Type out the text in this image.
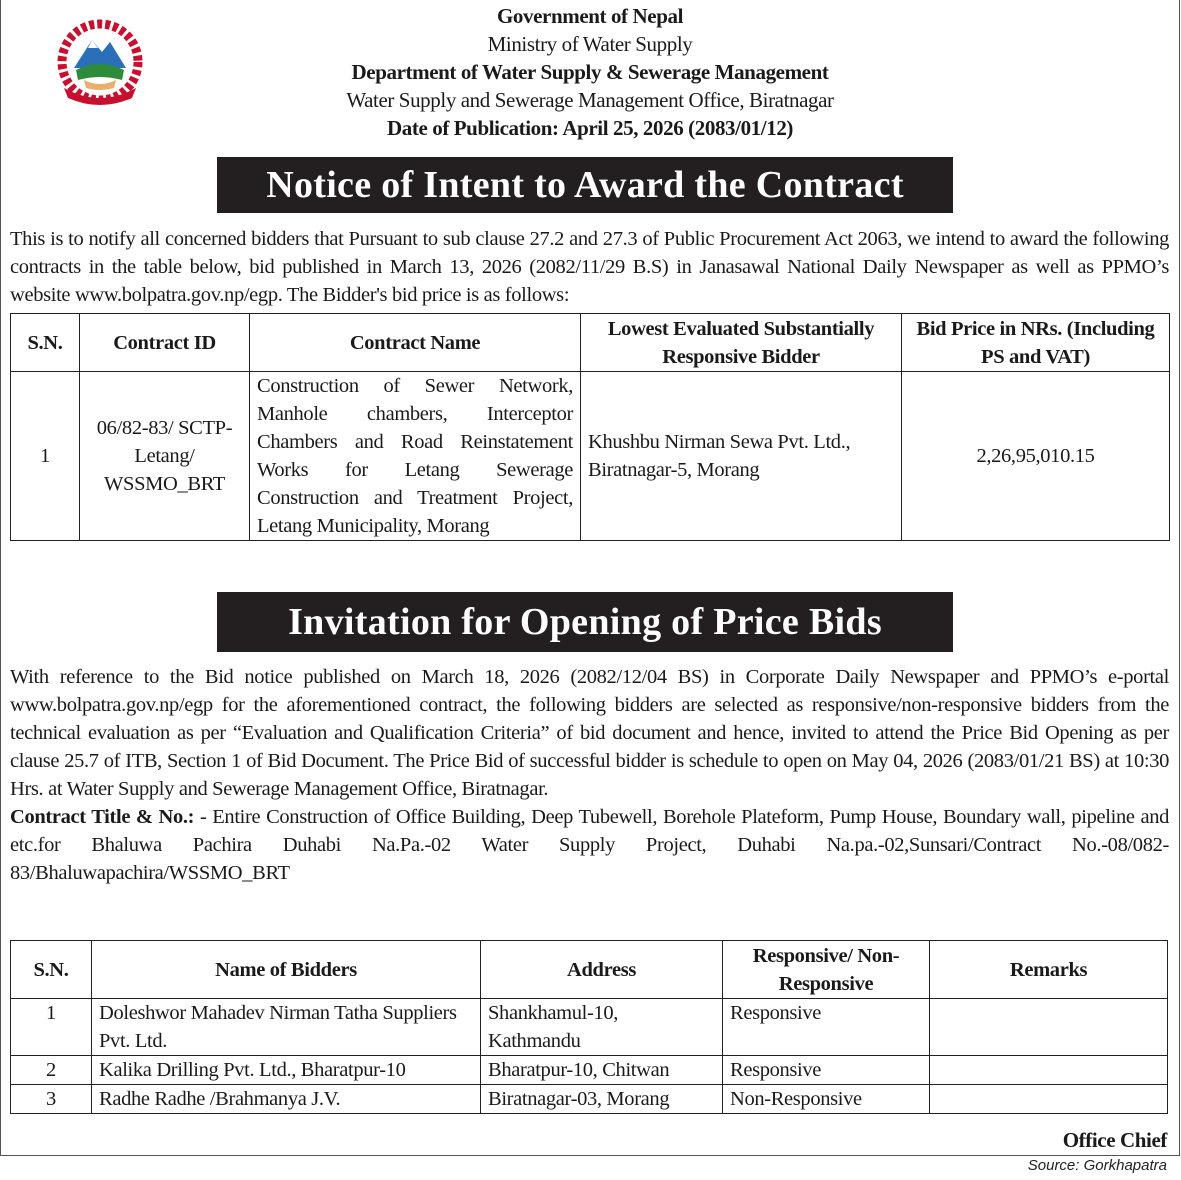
Government of Nepal
Ministry of Water Supply
Department of Water Supply & Sewerage Management
Water Supply and Sewerage Management Office, Biratnagar
Date of Publication: April 25, 2026 (2083/01/12)
Notice of Intent to Award the Contract
This is to notify all concerned bidders that Pursuant to sub clause 27.2 and 27.3 of Public Procurement Act 2063, we intend to award the following contracts in the table below, bid published in March 13, 2026 (2082/11/29 B.S) in Janasawal National Daily Newspaper as well as PPMO’s website www.bolpatra.gov.np/egp. The Bidder's bid price is as follows:
S.N.	Contract ID	Contract Name	Lowest Evaluated Substantially Responsive Bidder	Bid Price in NRs. (Including PS and VAT)
1	06/82-83/ SCTP-Letang/ WSSMO_BRT	Construction of Sewer Network, Manhole chambers, Interceptor Chambers and Road Reinstatement Works for Letang Sewerage Construction and Treatment Project, Letang Municipality, Morang	Khushbu Nirman Sewa Pvt. Ltd., Biratnagar-5, Morang	2,26,95,010.15
Invitation for Opening of Price Bids
With reference to the Bid notice published on March 18, 2026 (2082/12/04 BS) in Corporate Daily Newspaper and PPMO’s e-portal www.bolpatra.gov.np/egp for the aforementioned contract, the following bidders are selected as responsive/non-responsive bidders from the technical evaluation as per “Evaluation and Qualification Criteria” of bid document and hence, invited to attend the Price Bid Opening as per clause 25.7 of ITB, Section 1 of Bid Document. The Price Bid of successful bidder is schedule to open on May 04, 2026 (2083/01/21 BS) at 10:30 Hrs. at Water Supply and Sewerage Management Office, Biratnagar.
Contract Title & No.: - Entire Construction of Office Building, Deep Tubewell, Borehole Plateform, Pump House, Boundary wall, pipeline and etc.for Bhaluwa Pachira Duhabi Na.Pa.-02 Water Supply Project, Duhabi Na.pa.-02,Sunsari/Contract No.-08/082-83/Bhaluwapachira/WSSMO_BRT
S.N.	Name of Bidders	Address	Responsive/ Non-Responsive	Remarks
1	Doleshwor Mahadev Nirman Tatha Suppliers Pvt. Ltd.	Shankhamul-10, Kathmandu	Responsive	
2	Kalika Drilling Pvt. Ltd., Bharatpur-10	Bharatpur-10, Chitwan	Responsive	
3	Radhe Radhe /Brahmanya J.V.	Biratnagar-03, Morang	Non-Responsive	
Office Chief
Source: Gorkhapatra
